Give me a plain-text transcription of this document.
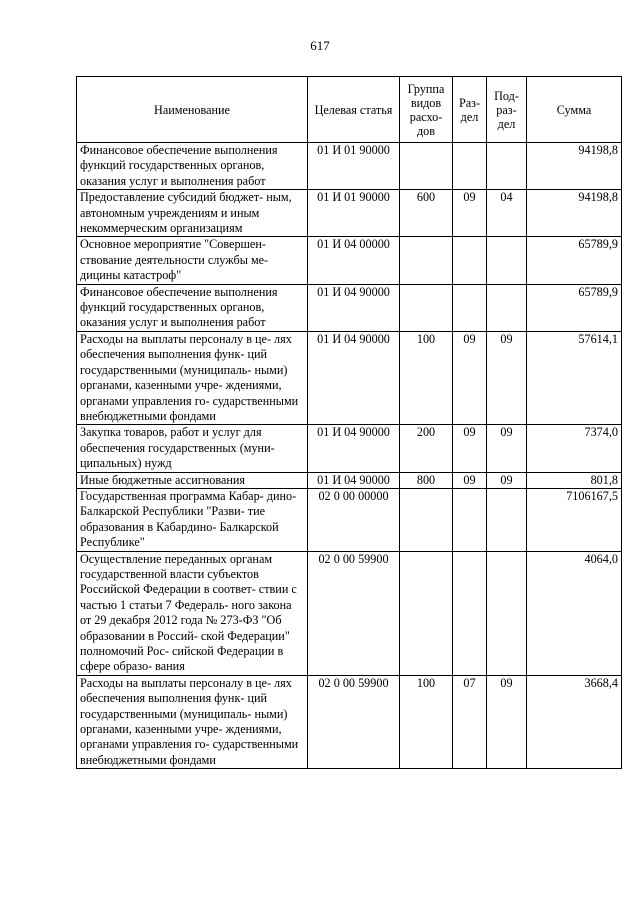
617
Наименование	Целевая статья	Группа видов расхо- дов	Раз- дел	Под- раз- дел	Сумма
Финансовое обеспечение выполнения функций государственных органов, оказания услуг и выполнения работ	01 И 01 90000				94198,8
Предоставление субсидий бюджет- ным, автономным учреждениям и иным некоммерческим организациям	01 И 01 90000	600	09	04	94198,8
Основное мероприятие "Совершен- ствование деятельности службы ме- дицины катастроф"	01 И 04 00000				65789,9
Финансовое обеспечение выполнения функций государственных органов, оказания услуг и выполнения работ	01 И 04 90000				65789,9
Расходы на выплаты персоналу в це- лях обеспечения выполнения функ- ций государственными (муниципаль- ными) органами, казенными учре- ждениями, органами управления го- сударственными внебюджетными фондами	01 И 04 90000	100	09	09	57614,1
Закупка товаров, работ и услуг для обеспечения государственных (муни- ципальных) нужд	01 И 04 90000	200	09	09	7374,0
Иные бюджетные ассигнования	01 И 04 90000	800	09	09	801,8
Государственная программа Кабар- дино-Балкарской Республики "Разви- тие образования в Кабардино- Балкарской Республике"	02 0 00 00000				7106167,5
Осуществление переданных органам государственной власти субъектов Российской Федерации в соответ- ствии с частью 1 статьи 7 Федераль- ного закона от 29 декабря 2012 года № 273-ФЗ "Об образовании в Россий- ской Федерации" полномочий Рос- сийской Федерации в сфере образо- вания	02 0 00 59900				4064,0
Расходы на выплаты персоналу в це- лях обеспечения выполнения функ- ций государственными (муниципаль- ными) органами, казенными учре- ждениями, органами управления го- сударственными внебюджетными фондами	02 0 00 59900	100	07	09	3668,4
